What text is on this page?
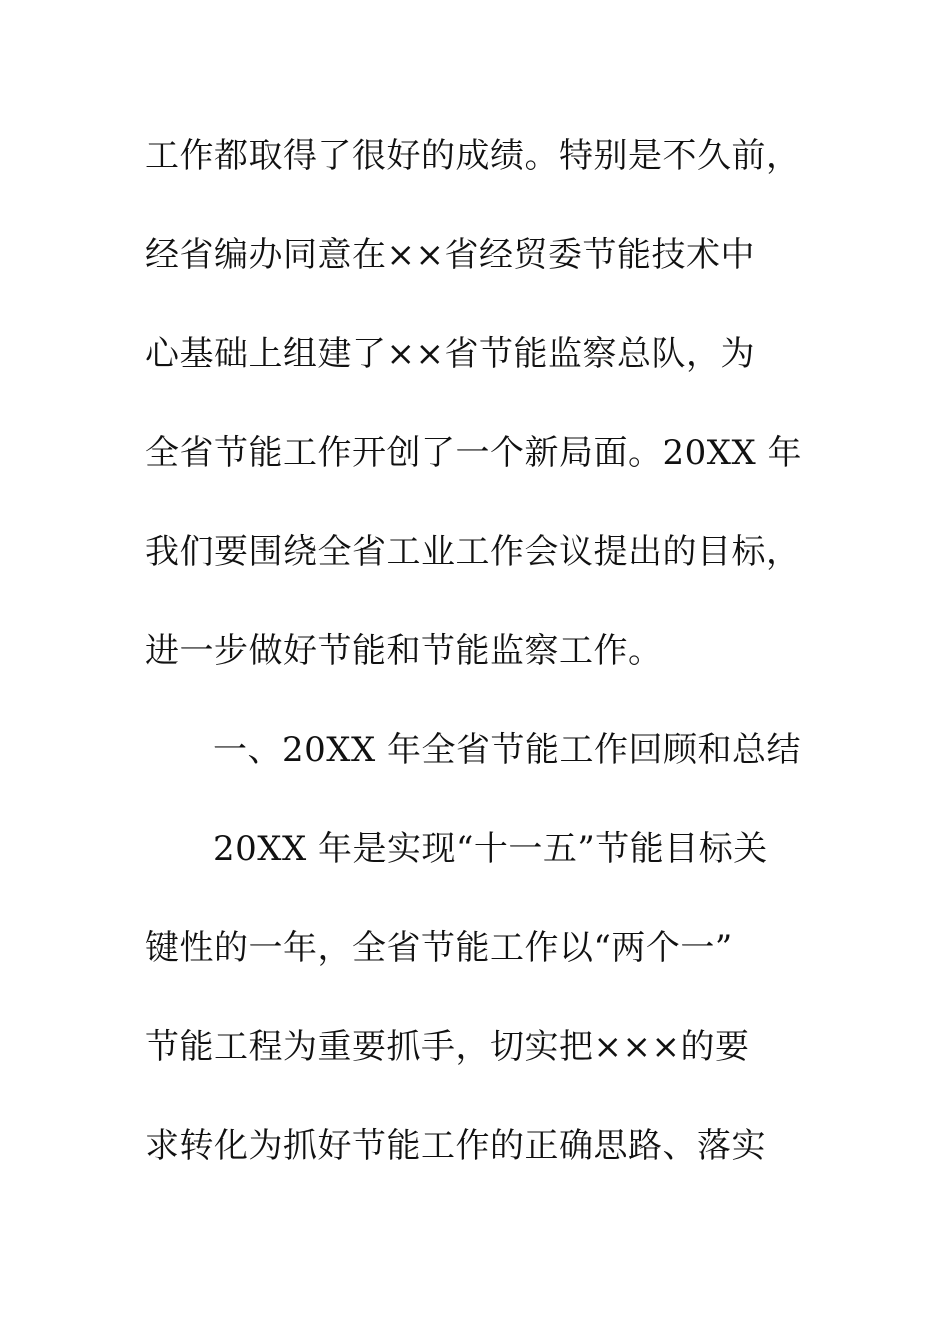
工作都取得了很好的成绩。特别是不久前，
经省编办同意在××省经贸委节能技术中
心基础上组建了××省节能监察总队，为
全省节能工作开创了一个新局面。20XX 年
我们要围绕全省工业工作会议提出的目标，
进一步做好节能和节能监察工作。
一、20XX 年全省节能工作回顾和总结
20XX 年是实现“十一五”节能目标关
键性的一年，全省节能工作以“两个一”
节能工程为重要抓手，切实把×××的要
求转化为抓好节能工作的正确思路、落实
